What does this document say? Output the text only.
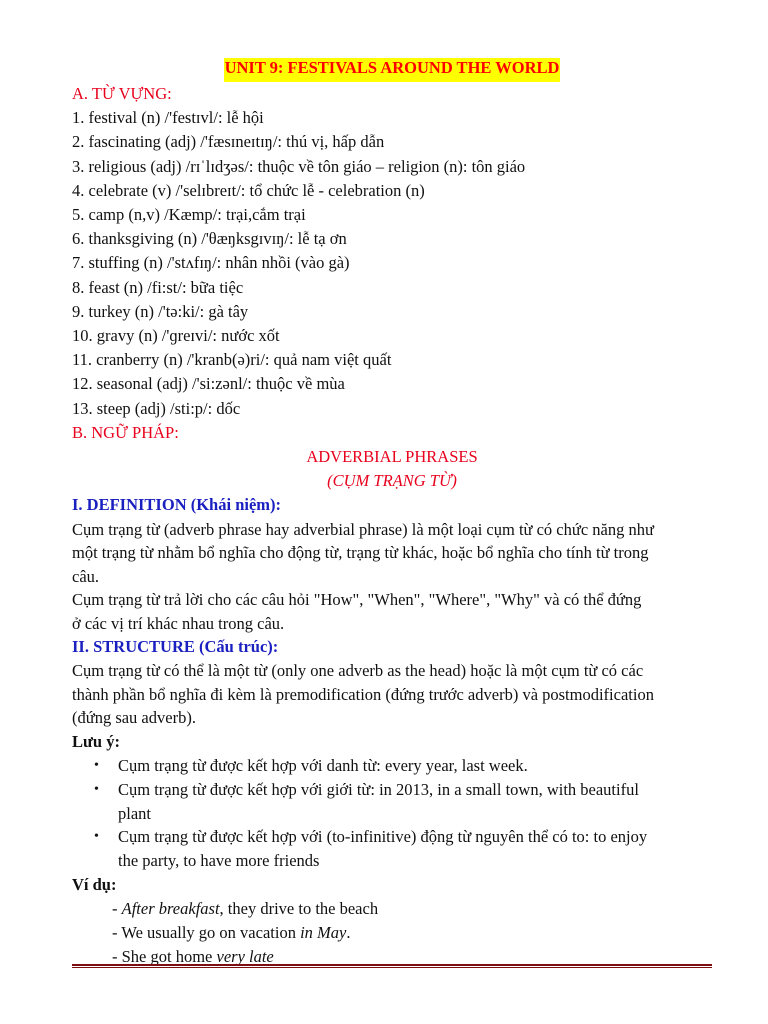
UNIT 9: FESTIVALS AROUND THE WORLD
A. TỪ VỰNG:
1. festival (n) /'festɪvl/: lễ hội
2. fascinating (adj) /'fæsɪneɪtɪŋ/: thú vị, hấp dẫn
3. religious (adj) /rɪˈlɪdʒəs/: thuộc về tôn giáo – religion (n): tôn giáo
4. celebrate (v) /'selɪbreɪt/: tổ chức lễ - celebration (n)
5. camp (n,v) /Kæmp/: trại,cắm trại
6. thanksgiving (n) /'θæŋksgɪvɪŋ/: lễ tạ ơn
7. stuffing (n) /'stʌfɪŋ/: nhân nhồi (vào gà)
8. feast (n) /fi:st/: bữa tiệc
9. turkey (n) /'tə:ki/: gà tây
10. gravy (n) /'ɡreɪvi/: nước xốt
11. cranberry (n) /'kranb(ə)ri/: quả nam việt quất
12. seasonal (adj) /'si:zənl/: thuộc về mùa
13. steep (adj) /sti:p/: dốc
B. NGỮ PHÁP:
ADVERBIAL PHRASES
(CỤM TRẠNG TỪ)
I. DEFINITION (Khái niệm):
Cụm trạng từ (adverb phrase hay adverbial phrase) là một loại cụm từ có chức năng như
một trạng từ nhằm bổ nghĩa cho động từ, trạng từ khác, hoặc bổ nghĩa cho tính từ trong
câu.
Cụm trạng từ trả lời cho các câu hỏi "How", "When", "Where", "Why" và có thể đứng
ở các vị trí khác nhau trong câu.
II. STRUCTURE (Cấu trúc):
Cụm trạng từ có thể là một từ (only one adverb as the head) hoặc là một cụm từ có các
thành phần bổ nghĩa đi kèm là premodification (đứng trước adverb) và postmodification
(đứng sau adverb).
Lưu ý:
• Cụm trạng từ được kết hợp với danh từ: every year, last week.
• Cụm trạng từ được kết hợp với giới từ: in 2013, in a small town, with beautiful
plant
• Cụm trạng từ được kết hợp với (to-infinitive) động từ nguyên thể có to: to enjoy
the party, to have more friends
Ví dụ:
- After breakfast, they drive to the beach
- We usually go on vacation in May.
- She got home very late
